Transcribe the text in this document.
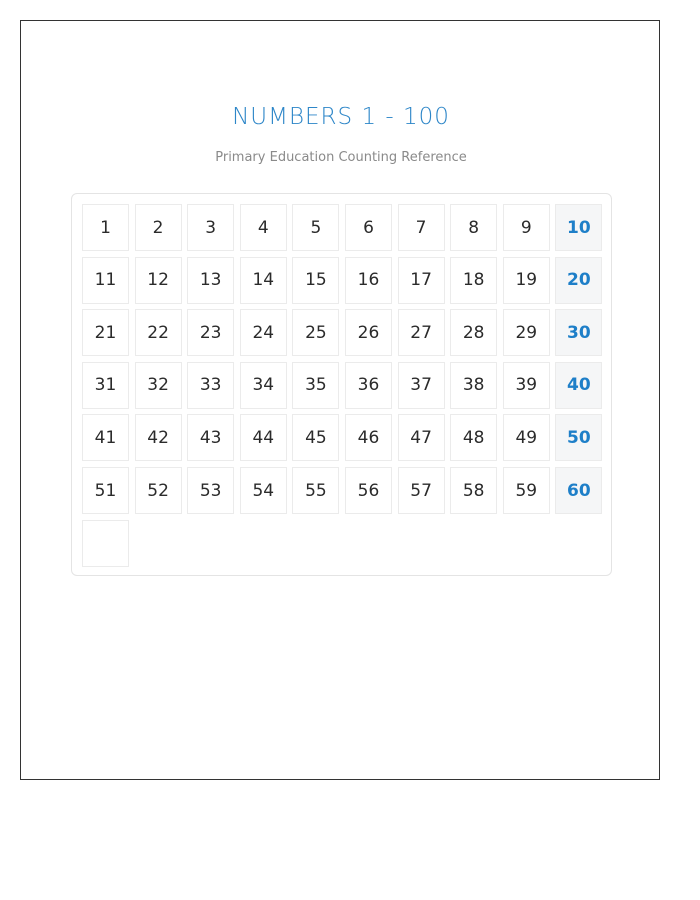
NUMBERS 1 - 100
Primary Education Counting Reference
1	2	3	4	5	6	7	8	9	10
11	12	13	14	15	16	17	18	19	20
21	22	23	24	25	26	27	28	29	30
31	32	33	34	35	36	37	38	39	40
41	42	43	44	45	46	47	48	49	50
51	52	53	54	55	56	57	58	59	60
